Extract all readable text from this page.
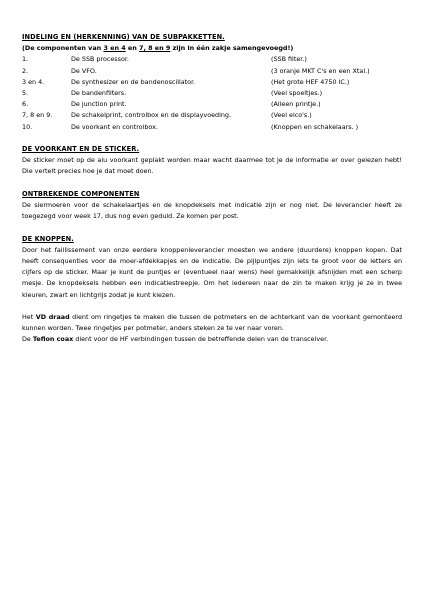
INDELING EN (HERKENNING) VAN DE SUBPAKKETTEN.
(De componenten van 3 en 4 en 7, 8 en 9 zijn in één zakje samengevoegd!)
1.	De SSB processor.	(SSB filter.)
2.	De VFO.	(3 oranje MKT C's en een Xtal.)
3 en 4.	De synthesizer en de bandenoscillator.	(Het grote HEF 4750 IC.)
5.	De bandenfilters.	(Veel spoeltjes.)
6.	De junction print.	(Alleen printje.)
7, 8 en 9.	De schakelprint, controlbox en de displayvoeding.	(Veel elco's.)
10.	De voorkant en controlbox.	(Knoppen en schakelaars. )
DE VOORKANT EN DE STICKER.

De sticker moet op de alu voorkant geplakt worden maar wacht daarmee tot je de informatie er over gelezen hebt! Die vertelt precies hoe je dat moet doen.

ONTBREKENDE COMPONENTEN

De siermoeren voor de schakelaartjes en de knopdeksels met indicatie zijn er nog niet. De leverancier heeft ze toegezegd voor week 17, dus nog even geduld. Ze komen per post.

DE KNOPPEN.

Door het faillissement van onze eerdere knoppenleverancier moesten we andere (duurdere) knoppen kopen. Dat heeft consequenties voor de moer-afdekkapjes en de indicatie. De pijlpuntjes zijn iets te groot voor de letters en cijfers op de sticker. Maar je kunt de puntjes er (eventueel naar wens) heel gemakkelijk afsnijden met een scherp mesje. De knopdeksels hebben een indicatiestreepje. Om het iedereen naar de zin te maken krijg je ze in twee kleuren, zwart en lichtgrijs zodat je kunt kiezen.

Het VD draad dient om ringetjes te maken die tussen de potmeters en de achterkant van de voorkant gemonteerd kunnen worden. Twee ringetjes per potmeter, anders steken ze te ver naar voren.

De Teflon coax dient voor de HF verbindingen tussen de betreffende delen van de transceiver.
